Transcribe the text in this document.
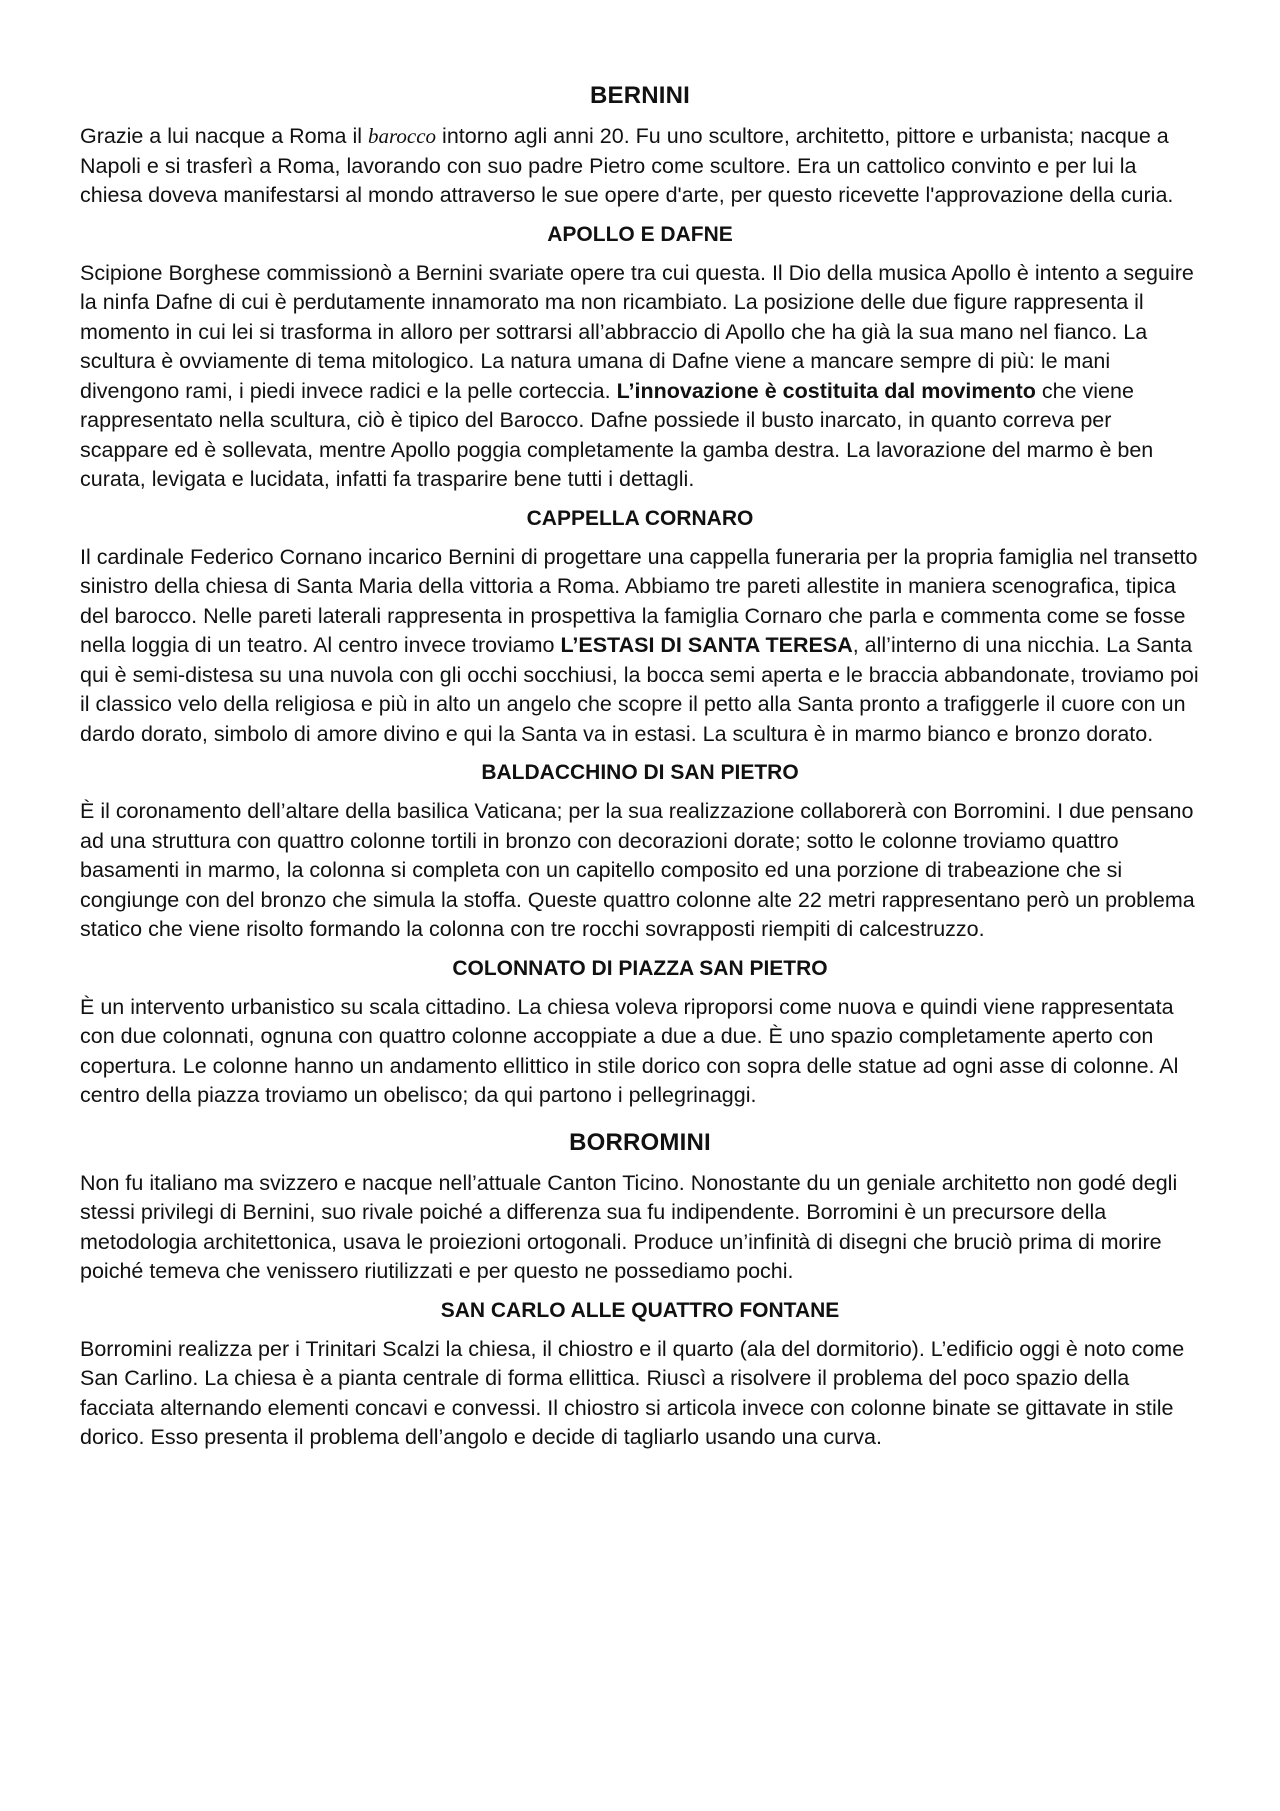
BERNINI

Grazie a lui nacque a Roma il barocco intorno agli anni 20. Fu uno scultore, architetto, pittore e urbanista; nacque a Napoli e si trasferì a Roma, lavorando con suo padre Pietro come scultore. Era un cattolico convinto e per lui la chiesa doveva manifestarsi al mondo attraverso le sue opere d'arte, per questo ricevette l'approvazione della curia.

APOLLO E DAFNE

Scipione Borghese commissionò a Bernini svariate opere tra cui questa. Il Dio della musica Apollo è intento a seguire la ninfa Dafne di cui è perdutamente innamorato ma non ricambiato. La posizione delle due figure rappresenta il momento in cui lei si trasforma in alloro per sottrarsi all’abbraccio di Apollo che ha già la sua mano nel fianco. La scultura è ovviamente di tema mitologico. La natura umana di Dafne viene a mancare sempre di più: le mani divengono rami, i piedi invece radici e la pelle corteccia. L’innovazione è costituita dal movimento che viene rappresentato nella scultura, ciò è tipico del Barocco. Dafne possiede il busto inarcato, in quanto correva per scappare ed è sollevata, mentre Apollo poggia completamente la gamba destra. La lavorazione del marmo è ben curata, levigata e lucidata, infatti fa trasparire bene tutti i dettagli.

CAPPELLA CORNARO

Il cardinale Federico Cornano incarico Bernini di progettare una cappella funeraria per la propria famiglia nel transetto sinistro della chiesa di Santa Maria della vittoria a Roma. Abbiamo tre pareti allestite in maniera scenografica, tipica del barocco. Nelle pareti laterali rappresenta in prospettiva la famiglia Cornaro che parla e commenta come se fosse nella loggia di un teatro. Al centro invece troviamo L’ESTASI DI SANTA TERESA, all’interno di una nicchia. La Santa qui è semi-distesa su una nuvola con gli occhi socchiusi, la bocca semi aperta e le braccia abbandonate, troviamo poi il classico velo della religiosa e più in alto un angelo che scopre il petto alla Santa pronto a trafiggerle il cuore con un dardo dorato, simbolo di amore divino e qui la Santa va in estasi. La scultura è in marmo bianco e bronzo dorato.

BALDACCHINO DI SAN PIETRO

È il coronamento dell’altare della basilica Vaticana; per la sua realizzazione collaborerà con Borromini. I due pensano ad una struttura con quattro colonne tortili in bronzo con decorazioni dorate; sotto le colonne troviamo quattro basamenti in marmo, la colonna si completa con un capitello composito ed una porzione di trabeazione che si congiunge con del bronzo che simula la stoffa. Queste quattro colonne alte 22 metri rappresentano però un problema statico che viene risolto formando la colonna con tre rocchi sovrapposti riempiti di calcestruzzo.

COLONNATO DI PIAZZA SAN PIETRO

È un intervento urbanistico su scala cittadino. La chiesa voleva riproporsi come nuova e quindi viene rappresentata con due colonnati, ognuna con quattro colonne accoppiate a due a due. È uno spazio completamente aperto con copertura. Le colonne hanno un andamento ellittico in stile dorico con sopra delle statue ad ogni asse di colonne. Al centro della piazza troviamo un obelisco; da qui partono i pellegrinaggi.

BORROMINI

Non fu italiano ma svizzero e nacque nell’attuale Canton Ticino. Nonostante du un geniale architetto non godé degli stessi privilegi di Bernini, suo rivale poiché a differenza sua fu indipendente. Borromini è un precursore della metodologia architettonica, usava le proiezioni ortogonali. Produce un’infinità di disegni che bruciò prima di morire poiché temeva che venissero riutilizzati e per questo ne possediamo pochi.

SAN CARLO ALLE QUATTRO FONTANE

Borromini realizza per i Trinitari Scalzi la chiesa, il chiostro e il quarto (ala del dormitorio). L’edificio oggi è noto come San Carlino. La chiesa è a pianta centrale di forma ellittica. Riuscì a risolvere il problema del poco spazio della facciata alternando elementi concavi e convessi. Il chiostro si articola invece con colonne binate se gittavate in stile dorico. Esso presenta il problema dell’angolo e decide di tagliarlo usando una curva.
